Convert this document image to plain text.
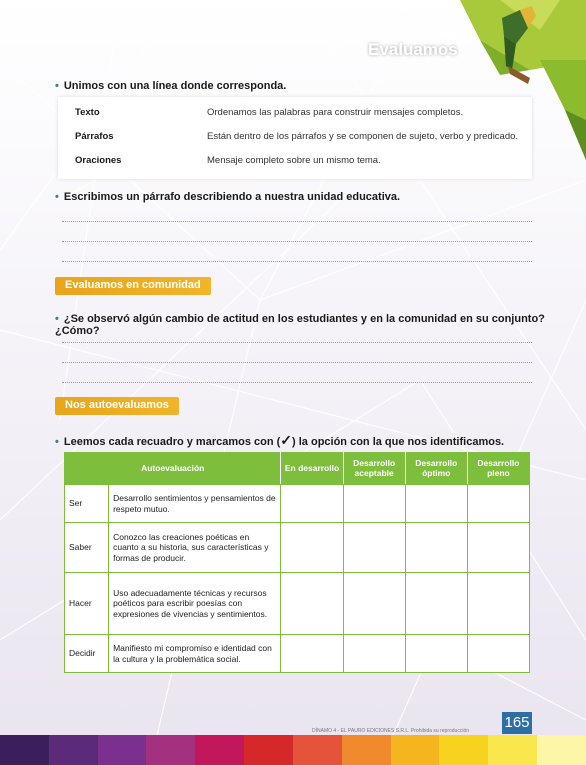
Evaluamos
• Unimos con una línea donde corresponda.
Texto	Ordenamos las palabras para construir mensajes completos.
Párrafos	Están dentro de los párrafos y se componen de sujeto, verbo y predicado.
Oraciones	Mensaje completo sobre un mismo tema.
• Escribimos un párrafo describiendo a nuestra unidad educativa.
Evaluamos en comunidad
• ¿Se observó algún cambio de actitud en los estudiantes y en la comunidad en su conjunto? ¿Cómo?
Nos autoevaluamos
• Leemos cada recuadro y marcamos con (✓) la opción con la que nos identificamos.
Autoevaluación		En desarrollo	Desarrollo aceptable	Desarrollo óptimo	Desarrollo pleno
Ser	Desarrollo sentimientos y pensamientos de respeto mutuo.				
Saber	Conozco las creaciones poéticas en cuanto a su historia, sus características y formas de producir.				
Hacer	Uso adecuadamente técnicas y recursos poéticos para escribir poesías con expresiones de vivencias y sentimientos.				
Decidir	Manifiesto mi compromiso e identidad con la cultura y la problemática social.				
DÍNAMO 4 - EL PAURO EDICIONES S.R.L. Prohibida su reproducción 165
